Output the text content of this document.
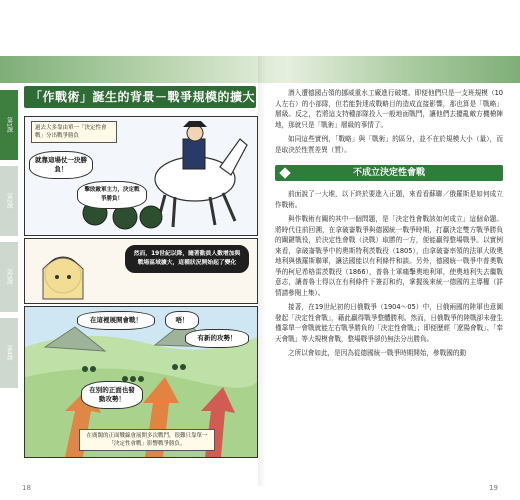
第1課
第2課
第3課
第4課
「作戰術」誕生的背景－戰爭規模的擴大
過去大多靠由單一「決定性會戰」分出戰爭勝負
就靠這場仗一決勝負！
擊敗敵軍主力，決定戰爭勝負！
然而，19世紀以降，隨著動員人數增加與戰場區域擴大，這種狀況開始起了變化
在這裡展開會戰！	唔！
有新的攻勢！
在別的正面也發動攻勢！
在廣闊的正面戰線會展開多次戰鬥，很難只靠單一「決定性會戰」影響戰爭勝負。
18

潛入遭德國占領的挪威重水工廠進行破壞。即便他們只是一支班規模（10人左右）的小部隊，但若能對達成戰略目的造成直接影響，那也算是「戰略」層級。反之，若將這支特種部隊投入一般地面戰鬥，讓他們去擾亂敵方機槍陣地，那就只是「戰術」層級的事情了。

如同這些實例，「戰略」與「戰術」的區分，並不在於規模大小（量），而是取決於性質差異（質）。

不成立決定性會戰

前面說了一大堆，以下終於要進入正題，來看看蘇聯／俄羅斯是如何成立作戰術。

與作戰術有關的其中一個問題，是「決定性會戰該如何成立」這個命題。將時代往前回溯，在拿破崙戰爭與德國統一戰爭時期，打贏決定雙方戰爭勝負的關鍵戰役，於決定性會戰（決戰）取勝的一方，便能贏得整場戰爭。以實例來看，拿破崙戰爭中的奧斯特利茨戰役（1805），由拿破崙率領的法軍大敗奧地利與俄羅斯聯軍，讓法國能以有利條件和談。另外，德國統一戰爭中普奧戰爭的柯尼希格雷茨戰役（1866），普魯士軍痛擊奧地利軍，使奧地利失去繼戰意志，讓普魯士得以在有利條件下簽訂和約，掌握後來統一德國的主導權（詳情請參閱上集）。

接著，在19世紀初的日俄戰爭（1904～05）中，日俄兩國的陸軍也意圖發起「決定性會戰」，藉此贏得戰爭整體勝利。然而，日俄戰爭的陸戰卻未發生僅靠單一會戰就能左右戰爭勝負的「決定性會戰」；即便歷經「遼陽會戰」、「奉天會戰」等大規模會戰，整場戰爭卻仍無法分出勝負。

之所以會如此，是因為從德國統一戰爭時期開始，參戰國的動

19
